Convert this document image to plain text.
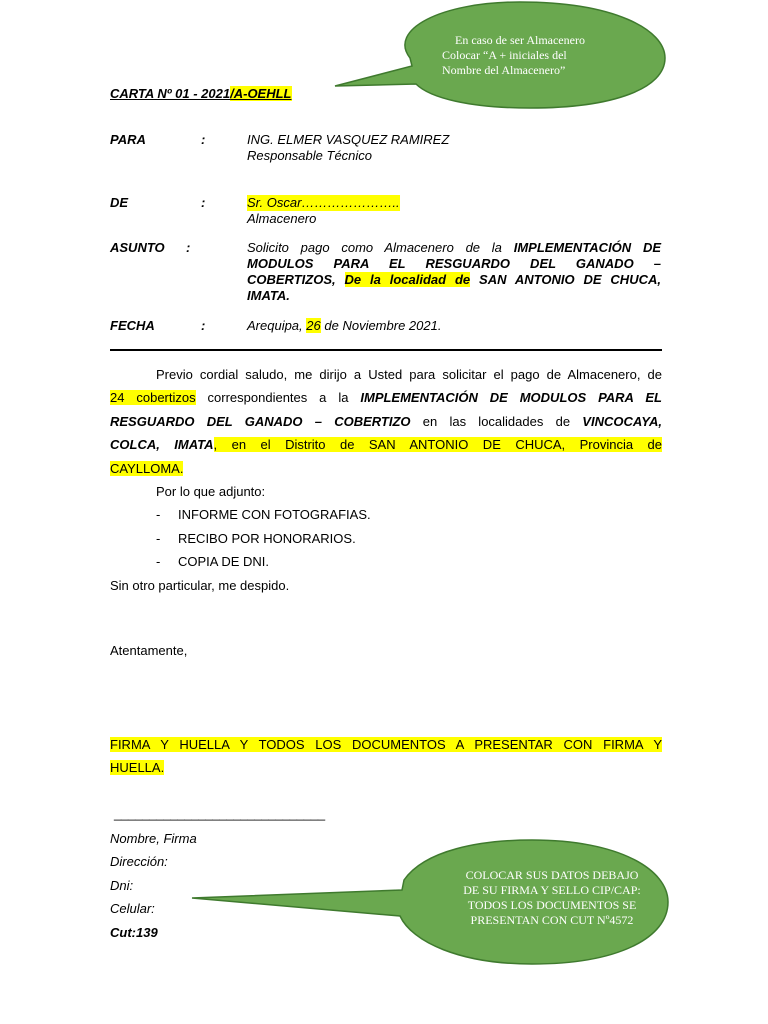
En caso de ser Almacenero
Colocar “A + iniciales del
Nombre del Almacenero”
CARTA Nº 01 - 2021/A-OEHLL
PARA	:	ING. ELMER VASQUEZ RAMIREZ
Responsable Técnico
DE	:	Sr. Oscar…………………..
Almacenero
ASUNTO :	Solicito pago como Almacenero de la IMPLEMENTACIÓN DE
MODULOS PARA EL RESGUARDO DEL GANADO –
COBERTIZOS, De la localidad de SAN ANTONIO DE CHUCA,
IMATA.
FECHA	:	Arequipa, 26 de Noviembre 2021.
Previo cordial saludo, me dirijo a Usted para solicitar el pago de Almacenero, de
24 cobertizos correspondientes a la IMPLEMENTACIÓN DE MODULOS PARA EL
RESGUARDO DEL GANADO – COBERTIZO en las localidades de VINCOCAYA,
COLCA, IMATA, en el Distrito de SAN ANTONIO DE CHUCA, Provincia de
CAYLLOMA.
Por lo que adjunto:
- INFORME CON FOTOGRAFIAS.
- RECIBO POR HONORARIOS.
- COPIA DE DNI.
Sin otro particular, me despido.
Atentamente,
FIRMA Y HUELLA Y TODOS LOS DOCUMENTOS A PRESENTAR CON FIRMA Y
HUELLA.
______________________________
Nombre, Firma
Dirección:
Dni:
Celular:
Cut:139
COLOCAR SUS DATOS DEBAJO
DE SU FIRMA Y SELLO CIP/CAP:
TODOS LOS DOCUMENTOS SE
PRESENTAN CON CUT Nº4572
